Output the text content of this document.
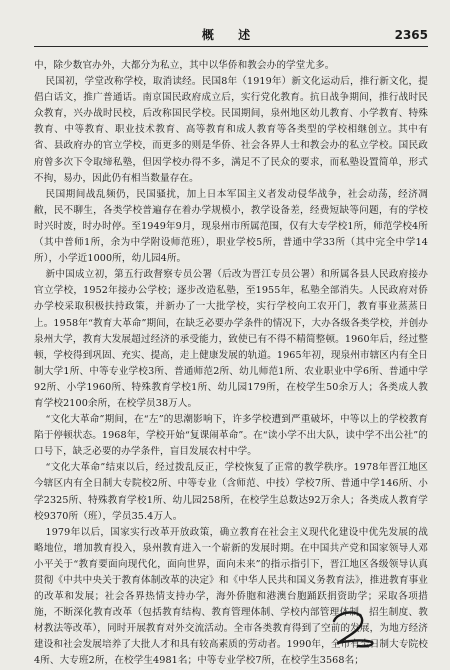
概 述	2365

中，除少数官办外，大都分为私立，其中以华侨和教会办的学堂尤多。

民国初，学堂改称学校，取消读经。民国8年（1919年）新文化运动后，推行新文化，提倡白话文，推广普通话。南京国民政府成立后，实行党化教育。抗日战争期间，推行战时民众教育，兴办战时民校，后改称国民学校。民国期间，泉州地区幼儿教育、小学教育、特殊教育、中等教育、职业技术教育、高等教育和成人教育等各类型的学校相继创立。其中有省、县政府办的官立学校，而更多的则是华侨、社会各界人士和教会办的私立学校。国民政府曾多次下令取缔私塾，但因学校办得不多，满足不了民众的要求，而私塾设置简单，形式不拘，易办，因此仍有相当数量存在。

民国期间战乱频仍，民国骚扰，加上日本军国主义者发动侵华战争，社会动荡，经济凋敝，民不聊生，各类学校普遍存在着办学规模小，教学设备差，经费短缺等问题，有的学校时兴时废，时办时停。至1949年9月，现泉州市所属范围，仅有大专学校1所，师范学校4所（其中普师1所，余为中学附设师范班），职业学校5所，普通中学33所（其中完全中学14所），小学近1000所，幼儿园4所。

新中国成立初，第五行政督察专员公署（后改为晋江专员公署）和所属各县人民政府接办官立学校，1952年接办公学校；逐步改造私塾，至1955年，私塾全部消失。人民政府对侨办学校采取积极扶持政策，并新办了一大批学校，实行学校向工农开门，教育事业蒸蒸日上。1958年“教育大革命”期间，在缺乏必要办学条件的情况下，大办各级各类学校，并创办泉州大学，教育大发展超过经济的承受能力，致使已有不得不精简整顿。1960年后，经过整顿，学校得到巩固、充实、提高，走上健康发展的轨道。1965年初，现泉州市辖区内有全日制大学1所、中等专业学校3所、普通师范2所、幼儿师范1所、农业职业中学6所、普通中学92所、小学1960所、特殊教育学校1所、幼儿园179所，在校学生50余万人；各类成人教育学校2100余所，在校学员38万人。

“文化大革命”期间，在“左”的思潮影响下，许多学校遭到严重破坏，中等以上的学校教育陷于停顿状态。1968年，学校开始“复课闹革命”。在“读小学不出大队，读中学不出公社”的口号下，缺乏必要的办学条件，盲目发展农村中学。

“文化大革命”结束以后，经过拨乱反正，学校恢复了正常的教学秩序。1978年晋江地区今辖区内有全日制大专院校2所、中等专业（含师范、中技）学校7所、普通中学146所、小学2325所、特殊教育学校1所、幼儿园258所，在校学生总数达92万余人；各类成人教育学校9370所（班），学员35.4万人。

1979年以后，国家实行改革开放政策，确立教育在社会主义现代化建设中优先发展的战略地位，增加教育投入，泉州教育进入一个崭新的发展时期。在中国共产党和国家领导人邓小平关于“教育要面向现代化，面向世界，面向未来”的指示指引下，晋江地区各级领导认真贯彻《中共中央关于教育体制改革的决定》和《中华人民共和国义务教育法》，推进教育事业的改革和发展；社会各界热情支持办学，海外侨胞和港澳台胞踊跃捐资助学；采取各项措施，不断深化教育改革（包括教育结构、教育管理体制、学校内部管理体制、招生制度、教材教法等改革），同时开展教育对外交流活动。全市各类教育得到了空前的发展，为地方经济建设和社会发展培养了大批人才和具有较高素质的劳动者。1990年，全市有全日制大专院校4所、大专班2所，在校学生4981名；中等专业学校7所，在校学生3568名；
